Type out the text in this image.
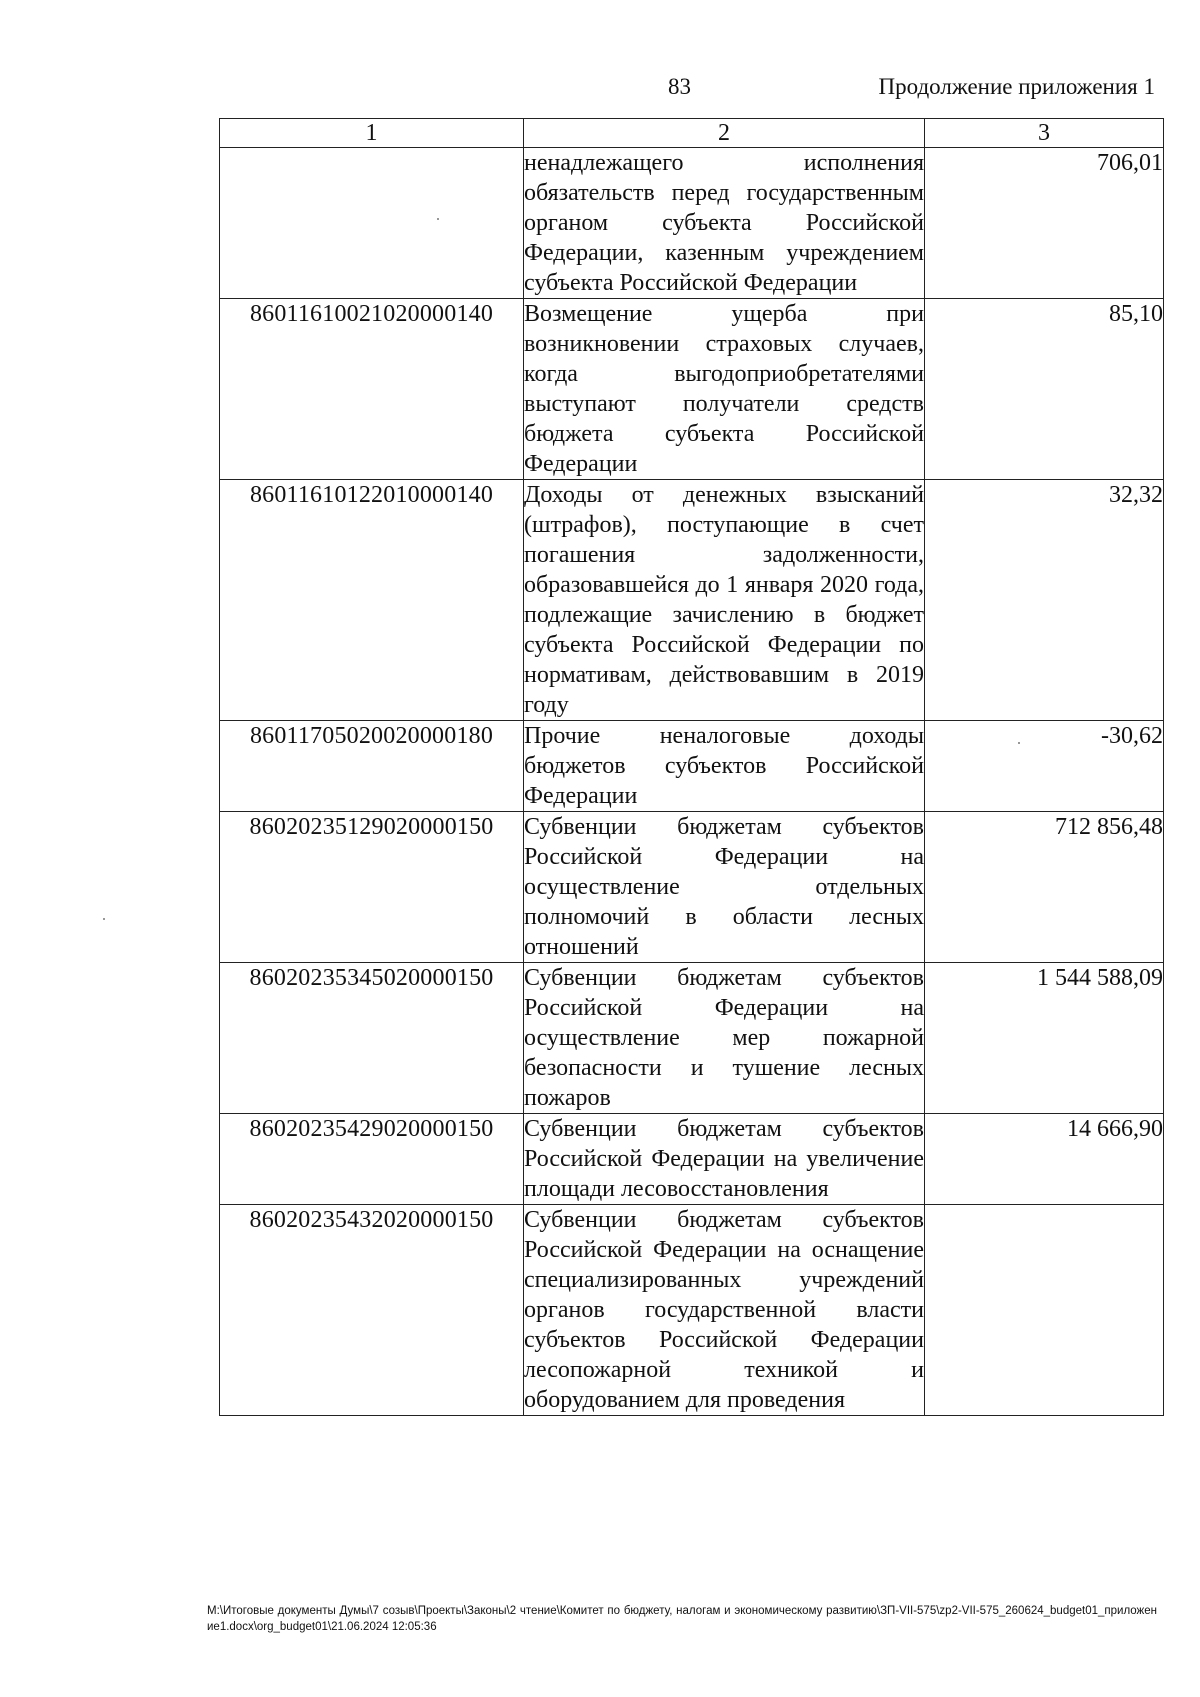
83	Продолжение приложения 1
1	2	3
	ненадлежащего исполнения обязательств перед государственным органом субъекта Российской Федерации, казенным учреждением субъекта Российской Федерации	706,01
86011610021020000140	Возмещение ущерба при возникновении страховых случаев, когда выгодоприобретателями выступают получатели средств бюджета субъекта Российской Федерации	85,10
86011610122010000140	Доходы от денежных взысканий (штрафов), поступающие в счет погашения задолженности, образовавшейся до 1 января 2020 года, подлежащие зачислению в бюджет субъекта Российской Федерации по нормативам, действовавшим в 2019 году	32,32
86011705020020000180	Прочие неналоговые доходы бюджетов субъектов Российской Федерации	-30,62
86020235129020000150	Субвенции бюджетам субъектов Российской Федерации на осуществление отдельных полномочий в области лесных отношений	712 856,48
86020235345020000150	Субвенции бюджетам субъектов Российской Федерации на осуществление мер пожарной безопасности и тушение лесных пожаров	1 544 588,09
86020235429020000150	Субвенции бюджетам субъектов Российской Федерации на увеличение площади лесовосстановления	14 666,90
86020235432020000150	Субвенции бюджетам субъектов Российской Федерации на оснащение специализированных учреждений органов государственной власти субъектов Российской Федерации лесопожарной техникой и оборудованием для проведения	
M:\Итоговые документы Думы\7 созыв\Проекты\Законы\2 чтение\Комитет по бюджету, налогам и экономическому развитию\ЗП-VII-575\zp2-VII-575_260624_budget01_приложение1.docx\org_budget01\21.06.2024 12:05:36
